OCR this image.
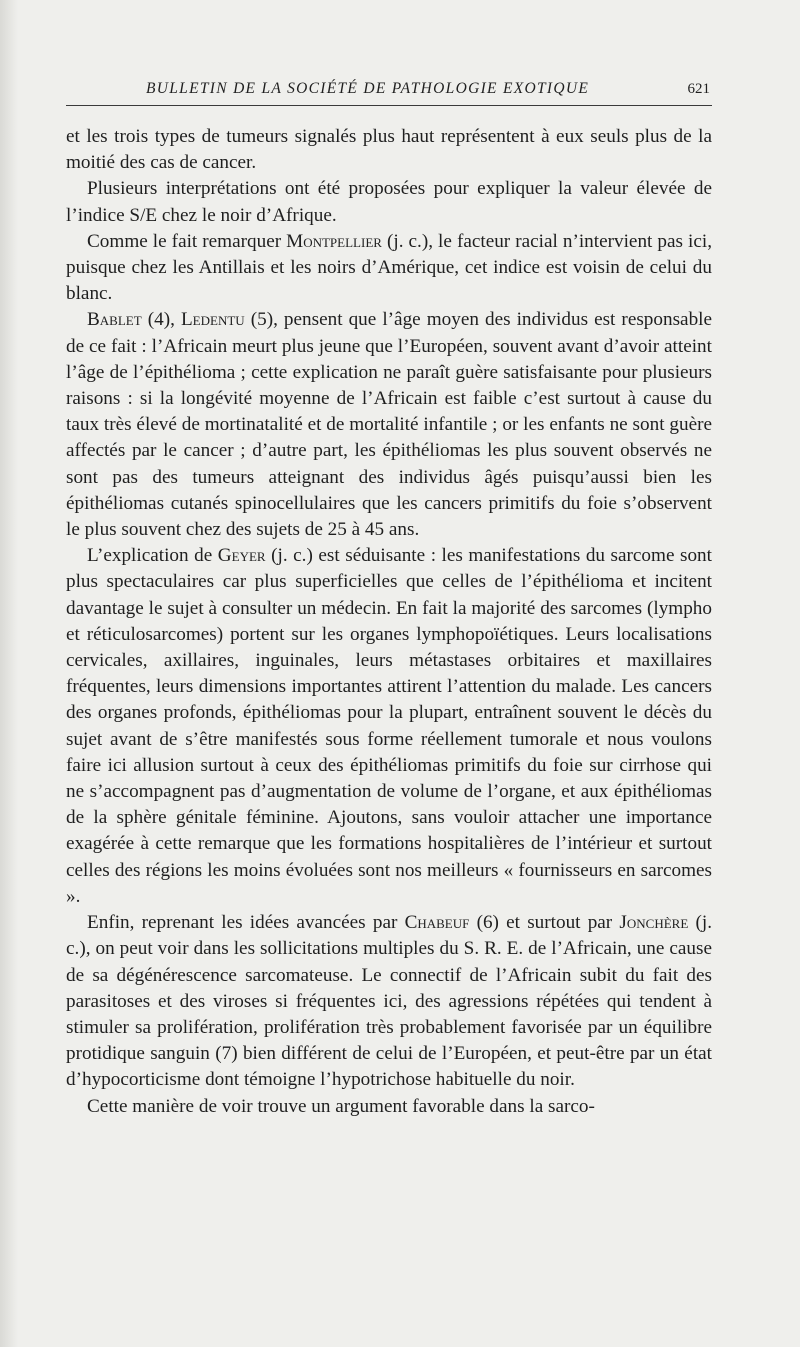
BULLETIN DE LA SOCIÉTÉ DE PATHOLOGIE EXOTIQUE	621

et les trois types de tumeurs signalés plus haut représentent à eux seuls plus de la moitié des cas de cancer.

Plusieurs interprétations ont été proposées pour expliquer la valeur élevée de l’indice S/E chez le noir d’Afrique.

Comme le fait remarquer Montpellier (j. c.), le facteur racial n’intervient pas ici, puisque chez les Antillais et les noirs d’Amérique, cet indice est voisin de celui du blanc.

Bablet (4), Ledentu (5), pensent que l’âge moyen des individus est responsable de ce fait : l’Africain meurt plus jeune que l’Européen, souvent avant d’avoir atteint l’âge de l’épithélioma ; cette explication ne paraît guère satisfaisante pour plusieurs raisons : si la longévité moyenne de l’Africain est faible c’est surtout à cause du taux très élevé de mortinatalité et de mortalité infantile ; or les enfants ne sont guère affectés par le cancer ; d’autre part, les épithéliomas les plus souvent observés ne sont pas des tumeurs atteignant des individus âgés puisqu’aussi bien les épithéliomas cutanés spinocellulaires que les cancers primitifs du foie s’observent le plus souvent chez des sujets de 25 à 45 ans.

L’explication de Geyer (j. c.) est séduisante : les manifestations du sarcome sont plus spectaculaires car plus superficielles que celles de l’épithélioma et incitent davantage le sujet à consulter un médecin. En fait la majorité des sarcomes (lympho et réticulosarcomes) portent sur les organes lymphopoïétiques. Leurs localisations cervicales, axillaires, inguinales, leurs métastases orbitaires et maxillaires fréquentes, leurs dimensions importantes attirent l’attention du malade. Les cancers des organes profonds, épithéliomas pour la plupart, entraînent souvent le décès du sujet avant de s’être manifestés sous forme réellement tumorale et nous voulons faire ici allusion surtout à ceux des épithéliomas primitifs du foie sur cirrhose qui ne s’accompagnent pas d’augmentation de volume de l’organe, et aux épithéliomas de la sphère génitale féminine. Ajoutons, sans vouloir attacher une importance exagérée à cette remarque que les formations hospitalières de l’intérieur et surtout celles des régions les moins évoluées sont nos meilleurs « fournisseurs en sarcomes ».

Enfin, reprenant les idées avancées par Chabeuf (6) et surtout par Jonchère (j. c.), on peut voir dans les sollicitations multiples du S. R. E. de l’Africain, une cause de sa dégénérescence sarcomateuse. Le connectif de l’Africain subit du fait des parasitoses et des viroses si fréquentes ici, des agressions répétées qui tendent à stimuler sa prolifération, prolifération très probablement favorisée par un équilibre protidique sanguin (7) bien différent de celui de l’Européen, et peut-être par un état d’hypocorticisme dont témoigne l’hypotrichose habituelle du noir.

Cette manière de voir trouve un argument favorable dans la sarco-
